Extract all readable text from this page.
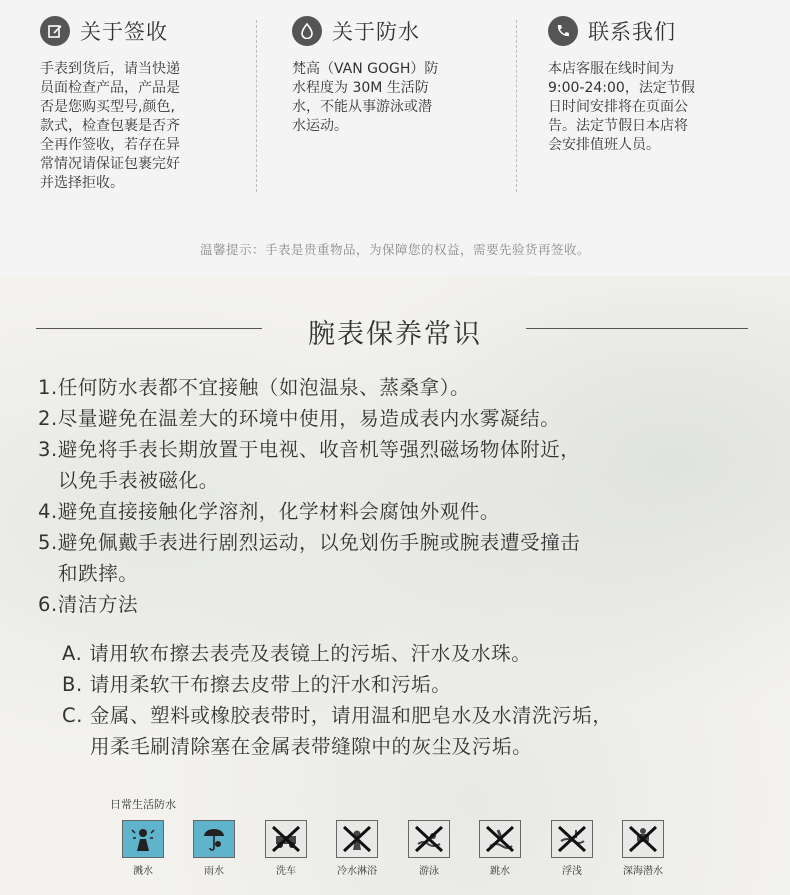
关于签收
手表到货后，请当快递
员面检查产品，产品是
否是您购买型号,颜色,
款式，检查包裹是否齐
全再作签收，若存在异
常情况请保证包裹完好
并选择拒收。
关于防水
梵高（VAN GOGH）防
水程度为 30M 生活防
水，不能从事游泳或潜
水运动。
联系我们
本店客服在线时间为
9:00-24:00，法定节假
日时间安排将在页面公
告。法定节假日本店将
会安排值班人员。
温馨提示：手表是贵重物品，为保障您的权益，需要先验货再签收。
腕表保养常识
1.任何防水表都不宜接触（如泡温泉、蒸桑拿）。
2.尽量避免在温差大的环境中使用，易造成表内水雾凝结。
3.避免将手表长期放置于电视、收音机等强烈磁场物体附近，
以免手表被磁化。
4.避免直接接触化学溶剂，化学材料会腐蚀外观件。
5.避免佩戴手表进行剧烈运动，以免划伤手腕或腕表遭受撞击
和跌摔。
6.清洁方法
A. 请用软布擦去表壳及表镜上的污垢、汗水及水珠。
B. 请用柔软干布擦去皮带上的汗水和污垢。
C. 金属、塑料或橡胶表带时，请用温和肥皂水及水清洗污垢，
用柔毛刷清除塞在金属表带缝隙中的灰尘及污垢。
日常生活防水
溅水	雨水	洗车	冷水淋浴	游泳	跳水	浮浅	深海潜水
